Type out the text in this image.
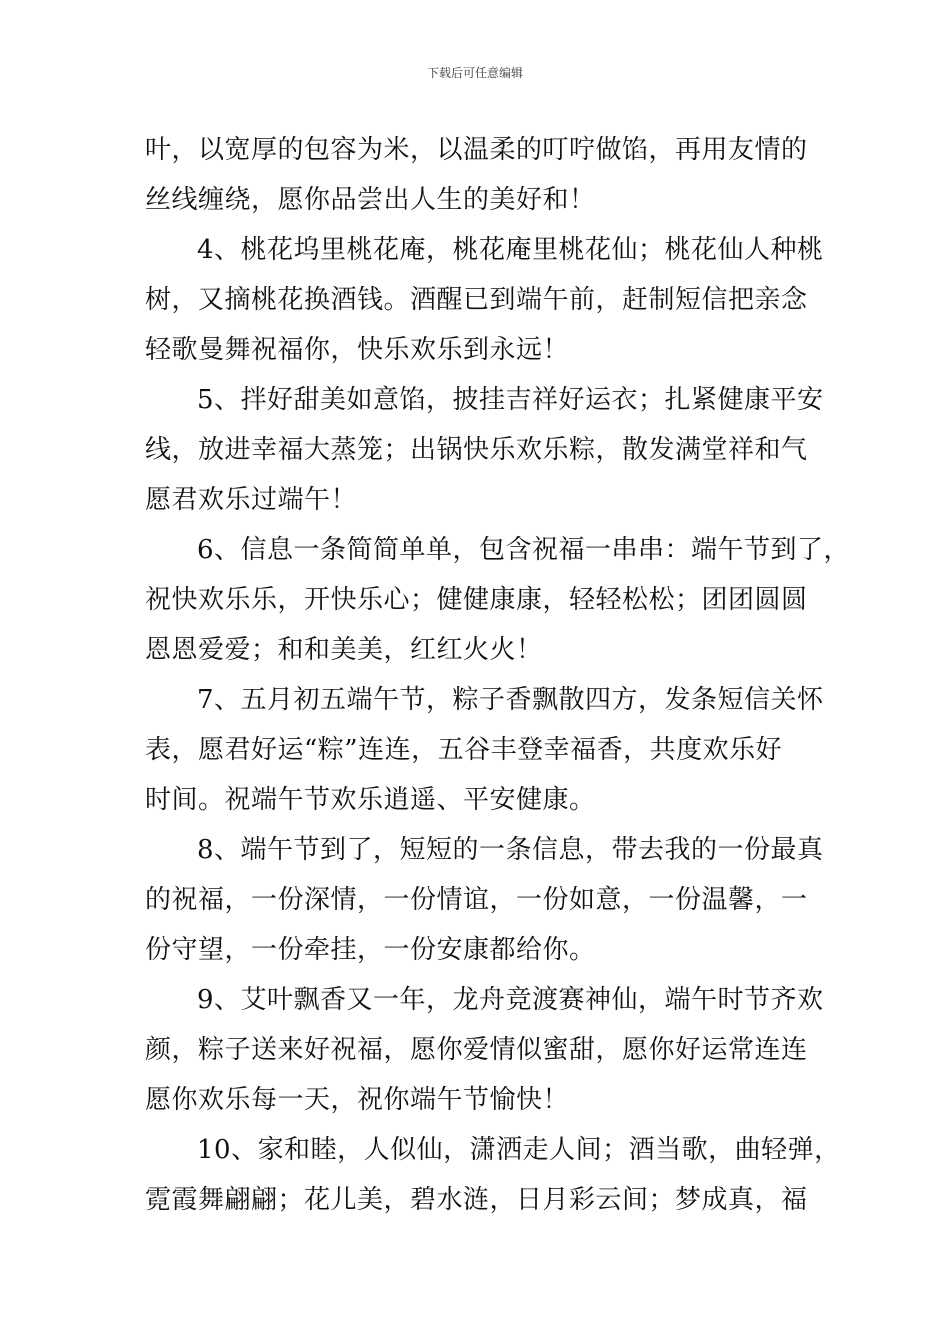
下载后可任意编辑
叶，以宽厚的包容为米，以温柔的叮咛做馅，再用友情的
丝线缠绕，愿你品尝出人生的美好和！
4、桃花坞里桃花庵，桃花庵里桃花仙；桃花仙人种桃
树，又摘桃花换酒钱。酒醒已到端午前，赶制短信把亲念
轻歌曼舞祝福你，快乐欢乐到永远！
5、拌好甜美如意馅，披挂吉祥好运衣；扎紧健康平安
线，放进幸福大蒸笼；出锅快乐欢乐粽，散发满堂祥和气
愿君欢乐过端午！
6、信息一条简简单单，包含祝福一串串：端午节到了，
祝快欢乐乐，开快乐心；健健康康，轻轻松松；团团圆圆
恩恩爱爱；和和美美，红红火火！
7、五月初五端午节，粽子香飘散四方，发条短信关怀
表，愿君好运“粽”连连，五谷丰登幸福香，共度欢乐好
时间。祝端午节欢乐逍遥、平安健康。
8、端午节到了，短短的一条信息，带去我的一份最真
的祝福，一份深情，一份情谊，一份如意，一份温馨，一
份守望，一份牵挂，一份安康都给你。
9、艾叶飘香又一年，龙舟竞渡赛神仙，端午时节齐欢
颜，粽子送来好祝福，愿你爱情似蜜甜，愿你好运常连连
愿你欢乐每一天，祝你端午节愉快！
10、家和睦，人似仙，潇洒走人间；酒当歌，曲轻弹，
霓霞舞翩翩；花儿美，碧水涟，日月彩云间；梦成真，福
